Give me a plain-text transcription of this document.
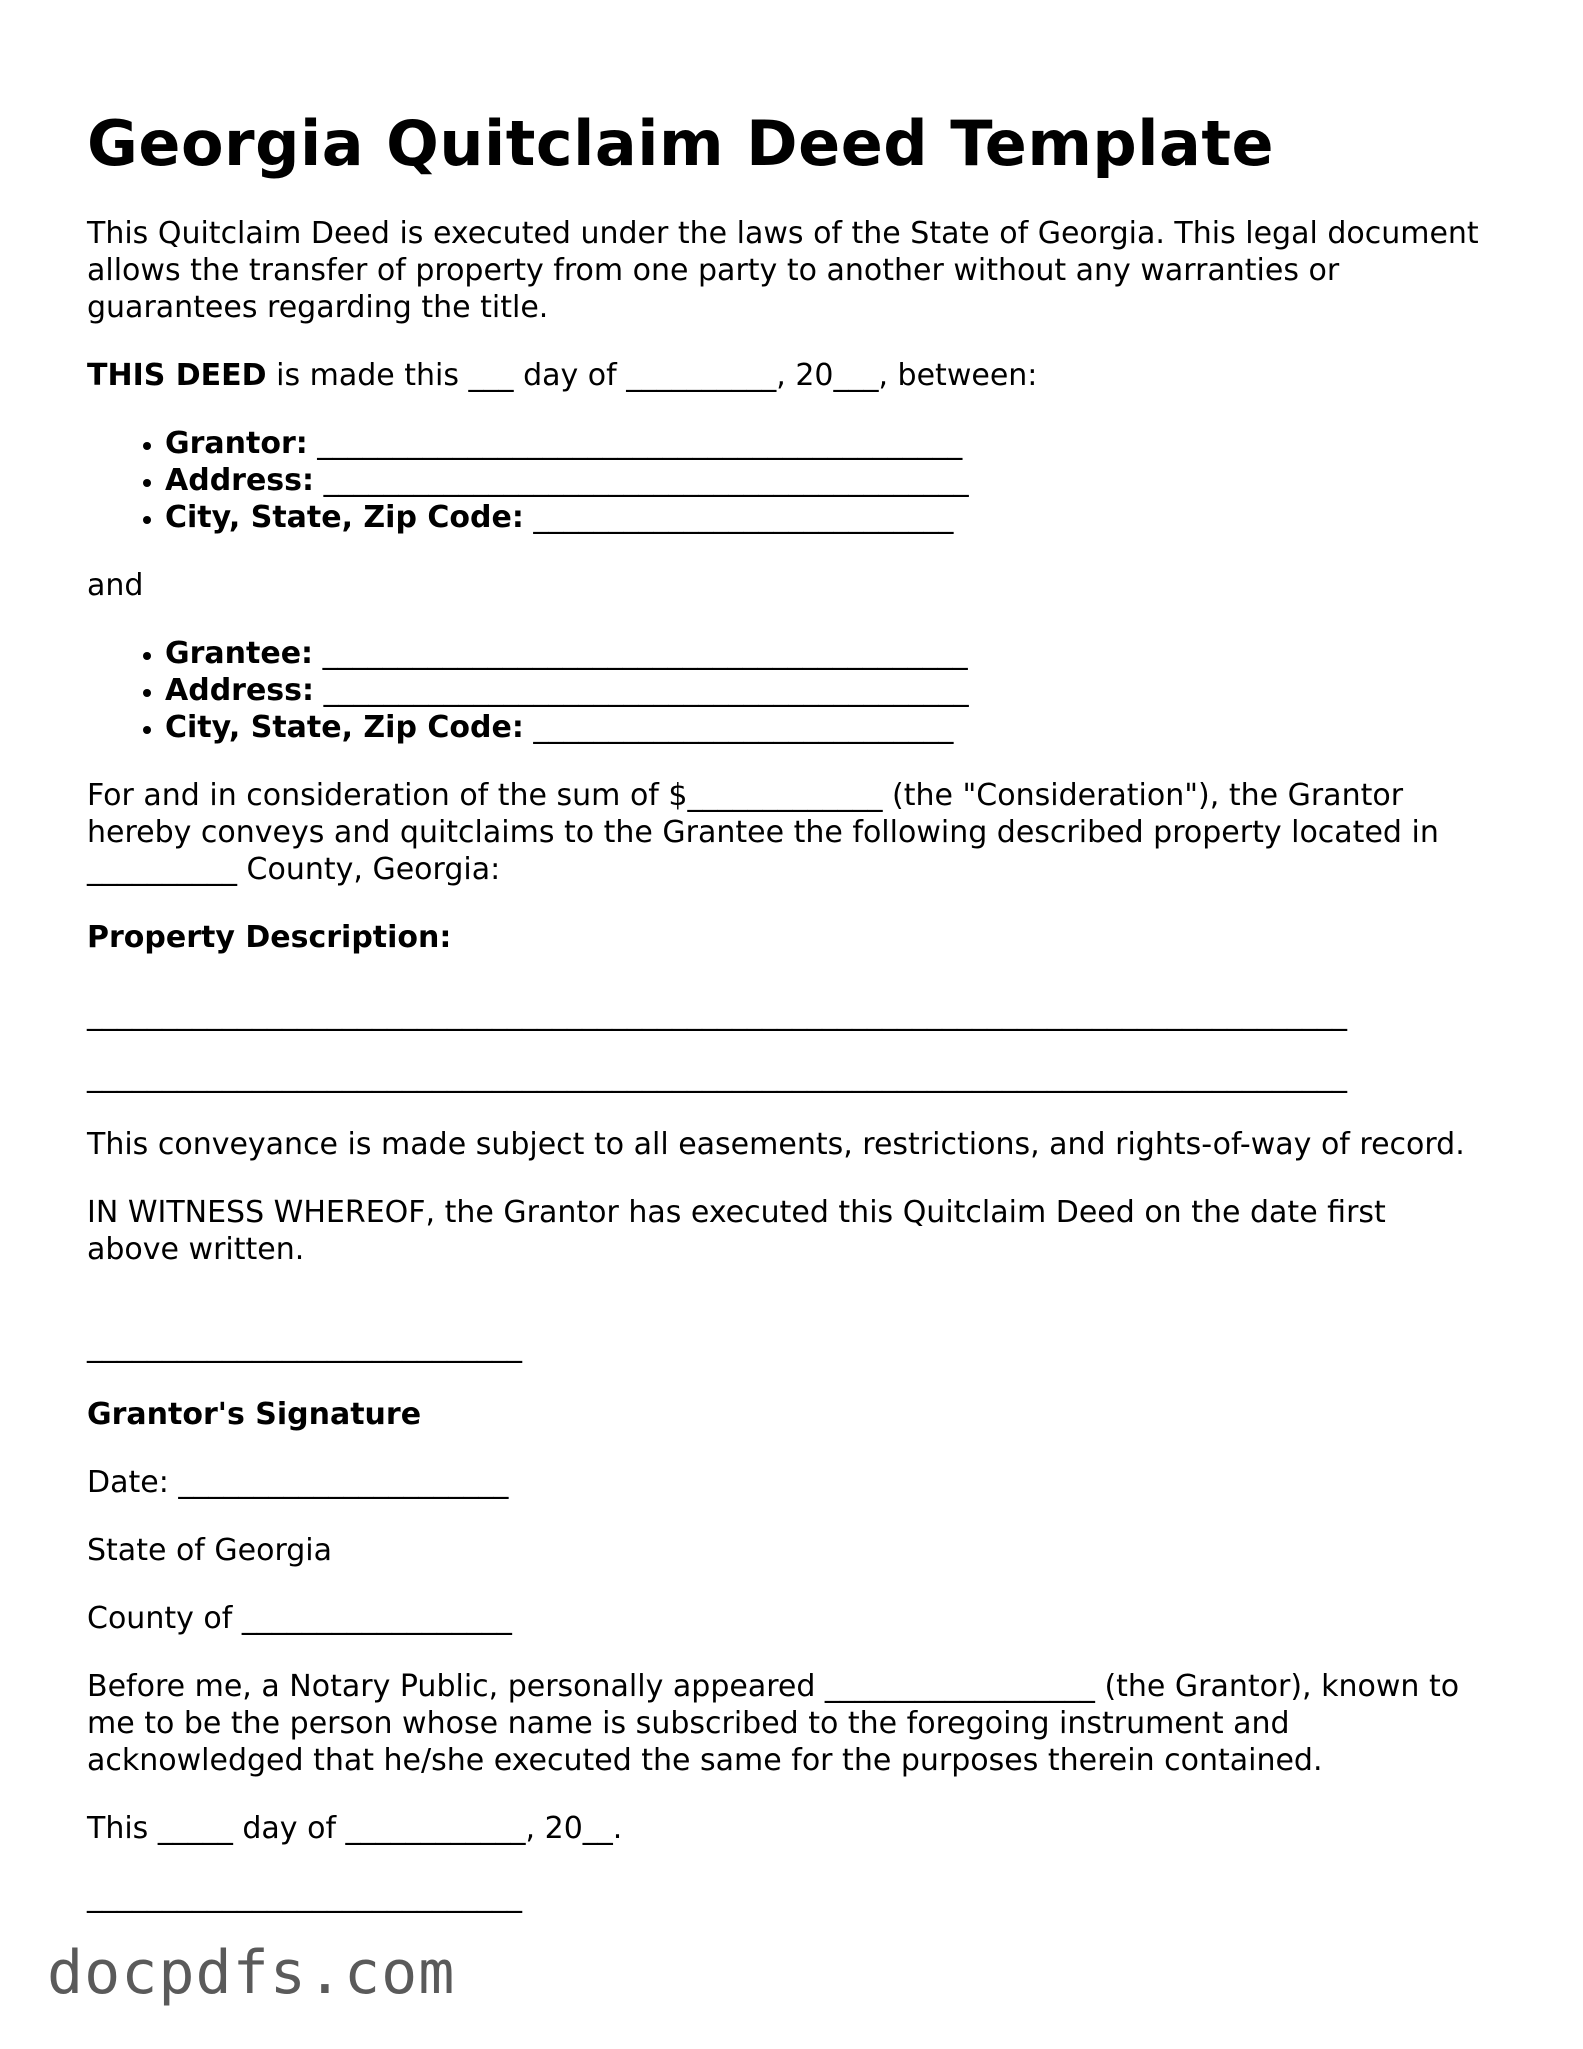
Georgia Quitclaim Deed Template

This Quitclaim Deed is executed under the laws of the State of Georgia. This legal document allows the transfer of property from one party to another without any warranties or guarantees regarding the title.

THIS DEED is made this ___ day of __________, 20___, between:

• Grantor: ___________________________________________
• Address: ___________________________________________
• City, State, Zip Code: ____________________________

and

• Grantee: ___________________________________________
• Address: ___________________________________________
• City, State, Zip Code: ____________________________

For and in consideration of the sum of $_____________ (the "Consideration"), the Grantor hereby conveys and quitclaims to the Grantee the following described property located in __________ County, Georgia:

Property Description:
____________________________________________________________________________________
____________________________________________________________________________________

This conveyance is made subject to all easements, restrictions, and rights-of-way of record.

IN WITNESS WHEREOF, the Grantor has executed this Quitclaim Deed on the date first above written.

_____________________________
Grantor's Signature

Date: ______________________

State of Georgia

County of __________________

Before me, a Notary Public, personally appeared __________________ (the Grantor), known to me to be the person whose name is subscribed to the foregoing instrument and acknowledged that he/she executed the same for the purposes therein contained.

This _____ day of ____________, 20__.

_____________________________
docpdfs.com
